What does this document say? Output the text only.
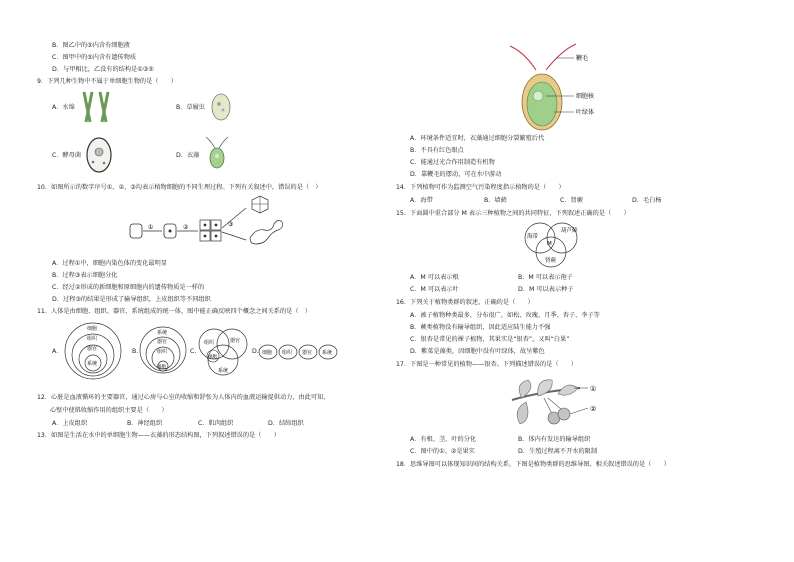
B．图乙中的⑤内含有细胞液
C．图甲中的⑤内含有遗传物质
D．与甲相比，乙没有的结构是①③⑤
9．下列几种生物中不属于单细胞生物的是（　　）
A．水绵	B．草履虫
C．酵母菌	D．衣藻
10．如图所示的数字序号①、②、③均表示植物细胞的不同生理过程。下列有关叙述中，错误的是（　）
①	②	③
A．过程①中，细胞内染色体的变化最明显
B．过程③表示细胞分化
C．经过②形成的新细胞和原细胞内的遗传物质是一样的
D．过程③的结果是形成了输导组织，上皮组织等不同组织
11．人体是由细胞、组织、器官、系统组成的统一体，图中能正确反映四个概念之间关系的是（　）
A.
细胞
组织
器官
系统
B.
系统
器官
组织
细胞
C.
组织	器官
细胞
系统
D. 细胞 组织 器官 系统
12．心脏是血液循环的主要器官，通过心房与心室的收缩和舒张为人体内的血液运输提供动力，由此可知，
心壁中使肌收缩作用的组织主要是（　　）
A．上皮组织	B．神经组织	C．肌肉组织	D．结缔组织
13．如图是生活在水中的单细胞生物——衣藻的形态结构图，下列叙述错误的是（　　）
鞭毛
细胞核
叶绿体
A．环境条件适宜时，衣藻通过细胞分裂繁殖后代
B．不具有红色眼点
C．能通过光合作用制造有机物
D．靠鞭毛的摆动，可在水中游动
14．下列植物可作为监测空气污染程度指示植物的是（　　）
A．海带	B．墙藓	C．肾蕨	D．毛白杨
15．下面圆中重合部分 M 表示三种植物之间的共同特征，下列叙述正确的是（　　）
海带
葫芦藓
M
肾蕨
A．M 可以表示根	B．M 可以表示孢子
C．M 可以表示叶	D．M 可以表示种子
16．下列关于植物类群的叙述，正确的是（　　）
A．被子植物种类最多，分布很广，如松、玫瑰、月季、杏子、李子等
B．蕨类植物没有输导组织，因此适应陆生能力不强
C．银杏是常见的裸子植物，其果实是“银杏”，又叫“白果”
D．紫菜是藻类，因细胞中没有叶绿体，故呈紫色
17．下图是一种常见的植物——银杏。下列描述错误的是（　　）
①
②
A．有根、茎、叶的分化	B．体内有发达的输导组织
C．图中的①、②是果实	D．生殖过程离不开水的限制
18．思维导图可以体现知识间的结构关系，下图是植物类群的思维导图，相关叙述错误的是（　　）
